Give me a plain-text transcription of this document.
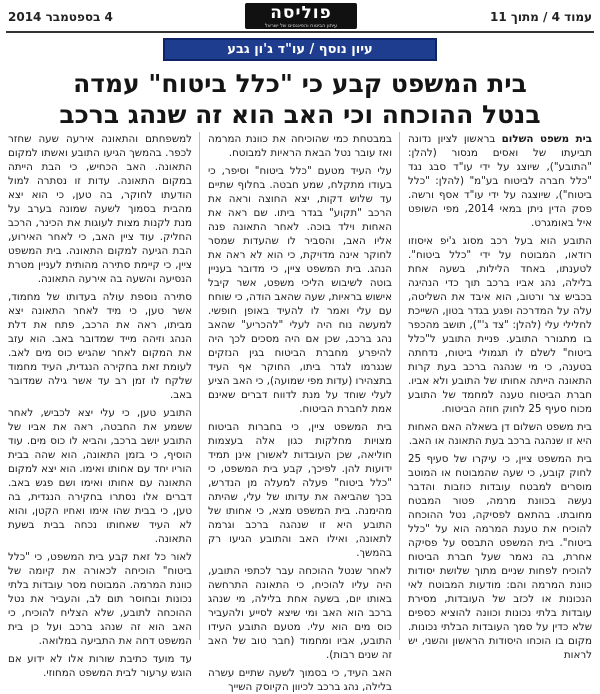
4 בספטמבר 2014	פוליסה
עיתון הביטוח והפיננסים של ישראל
עמוד 4 / מתוך 11
עיון נוסף / עו"ד ג'ון גבע
בית המשפט קבע כי "כלל ביטוח" עמדה
בנטל ההוכחה וכי האב הוא זה שנהג ברכב

בית משפט השלום בראשון לציון נדונה תביעתו של ואסים מנסור (להלן: "התובע"), שיוצג על ידי עו"ד סבג נגד "כלל חברה לביטוח בע"מ" (להלן: "כלל ביטוח"), שיוצגה על ידי עו"ד אסף ורשה. פסק הדין ניתן במאי 2014, מפי השופט איל באומגרט.

התובע הוא בעל רכב מסוג ג'יפ איסוזו רודאו, המבוטח על ידי "כלל ביטוח". לטענתו, באחד הלילות, בשעה אחת בלילה, נהג אביו ברכב תוך כדי הנהיגה בכביש צר ורטוב, הוא איבד את השליטה, עלה על המדרכה ופגע בגדר בטון, השייכת לחלילי עלי (להלן: "צד ג'"), תושב מהכפר בו מתגורר התובע. פניית התובע ל"כלל ביטוח" לשלם לו תגמולי ביטוח, נדחתה בטענה, כי מי שנהגה ברכב בעת קרות התאונה הייתה אחותו של התובע ולא אביו. חברת הביטוח טענה למחמד של התובע מכוח סעיף 25 לחוק חוזה הביטוח.

בית משפט השלום דן בשאלה האם האחות היא זו שנהגה ברכב בעת התאונה או האב.

בית המשפט ציין, כי עיקרו של סעיף 25 לחוק קובע, כי שעה שהמבוטח או המוטב מוסרים למבטח עובדות כוזבות והדבר נעשה בכוונת מרמה, פטור המבטח מחובתו. בהתאם לפסיקה, נטל ההוכחה להוכיח את טענת המרמה הוא על "כלל ביטוח". בית המשפט התבסס על פסיקה אחרת, בה נאמר שעל חברת הביטוח להוכיח לפחות שניים מתוך שלושת יסודות כוונת המרמה והם: מודעות המבוטח לאי הנכונות או לכזב של העובדות, מסירת עובדות בלתי נכונות וכוונה להוציא כספים שלא כדין על סמך העובדות הבלתי נכונות. מקום בו הוכחו היסודות הראשון והשני, יש לראות

במבטחת כמי שהוכיחה את כוונת המרמה ואז עובר נטל הבאת הראיות למבוטח.

עלי העיד מטעם "כלל ביטוח" וסיפר, כי בעודו מתקלח, שמע חבטה. בחלוף שתיים עד שלוש דקות, יצא החוצה וראה את הרכב "תקוע" בגדר ביתו. שם ראה את האחות וילד בוכה. לאחר התאונה פנה אליו האב, והסביר לו שהעדות שמסר לחוקר אינה מדויקת, כי הוא לא ראה את הנהג. בית המשפט ציין, כי מדובר בעניין בוטה לשיבוש הליכי משפט, אשר קיבל אישוש בראיות, שעה שהאב הודה, כי שוחח עם עלי ואמר לו להעיד באופן חופשי. למעשה נוח היה לעלי "להכריע" שהאב נהג ברכב, שכן אם היה מסכים לכך היה להיפרע מחברת הביטוח בגין הנזקים שנגרמו לגדר ביתו, החוקר אף העיד בתצהירו (עדות מפי שמועה), כי האב הציע לעלי שוחד על מנת לדווח דברים שאינם אמת לחברת הביטוח.

בית המשפט ציין, כי בחברות הביטוח מצויות מחלקות כגון אלה בעצמות חוליאה, שכן העובדות לאשורן אינן תמיד ידועות להן. לפיכך, קבע בית המשפט, כי "כלל ביטוח" פעלה למעלה מן הנדרש, בכך שהביאה את עדותו של עלי, שהיתה מהימנה. בית המשפט מצא, כי אחותו של התובע היא זו שנהגה ברכב וגרמה לתאונה, ואילו האב והתובע הגיעו רק בהמשך.

לאחר שנטל ההוכחה עבר לכתפי התובע, היה עליו להוכיח, כי התאונה התרחשה באותו יום, בשעה אחת בלילה, מי שנהג ברכב הוא האב ומי שיצא לסייע ולהעביר כוס מים הוא עלי. מטעם התובע העידו התובע, אביו ומחמוד (חבר טוב של האב זה שנים רבות).

האב העיד, כי בסמוך לשעה שתיים עשרה בלילה, נהג ברכב לכיוון הקיוסק השייך

למשפחתם והתאונה אירעה שעה שחזר לכפר. בהמשך הגיעו התובע ואשתו למקום התאונה. האב הכחיש, כי הבת הייתה במקום התאונה. עדות זו נסתרה למול הודעתו לחוקר, בה טען, כי הוא יצא מהבית בסמוך לשעה שמונה בערב על מנת לקנות מצות לעוגות את הכינר, הרכב החליק. עוד ציין האב, כי לאחר האירוע, הבת הגיעה למקום התאונה. בית המשפט ציין, כי קיימת סתירה מהותית לעניין מטרת הנסיעה והשעה בה אירעה התאונה.

סתירה נוספת עולה בעדותו של מחמוד, אשר טען, כי מיד לאחר התאונה יצא מביתו, ראה את הרכב, פתח את דלת הנהג וזיהה מייד שמדובר באב. הוא עזב את המקום לאחר שהגיש כוס מים לאב. לעומת זאת בחקירה הנגדית, העיד מחמוד שלקח לו זמן רב עד אשר גילה שמדובר באב.

התובע טען, כי עלי יצא לכביש, לאחר ששמע את החבטה, ראה את אביו של התובע יושב ברכב, והביא לו כוס מים. עוד הוסיף, כי בזמן התאונה, הוא שהה בבית הוריו יחד עם אחותו ואימו. הוא יצא למקום התאונה עם אחותו ואימו ושם פגש באב. דברים אלו נסתרו בחקירה הנגדית, בה טען, כי בבית שהו אימו ואחיו הקטן, והוא לא העיד שאחותו נכחה בבית בשעת התאונה.

לאור כל זאת קבע בית המשפט, כי "כלל ביטוח" הוכיחה לכאורה את קיומה של כוונת המרמה. המבוטח מסר עובדות בלתי נכונות ובחוסר תום לב, והעביר את נטל ההוכחה לתובע, שלא הצליח להוכיח, כי האב הוא זה שנהג ברכב ועל כן בית המשפט דחה את התביעה במלואה.

עד מועד כתיבת שורות אלו לא ידוע אם הוגש ערעור לבית המשפט המחוזי.
